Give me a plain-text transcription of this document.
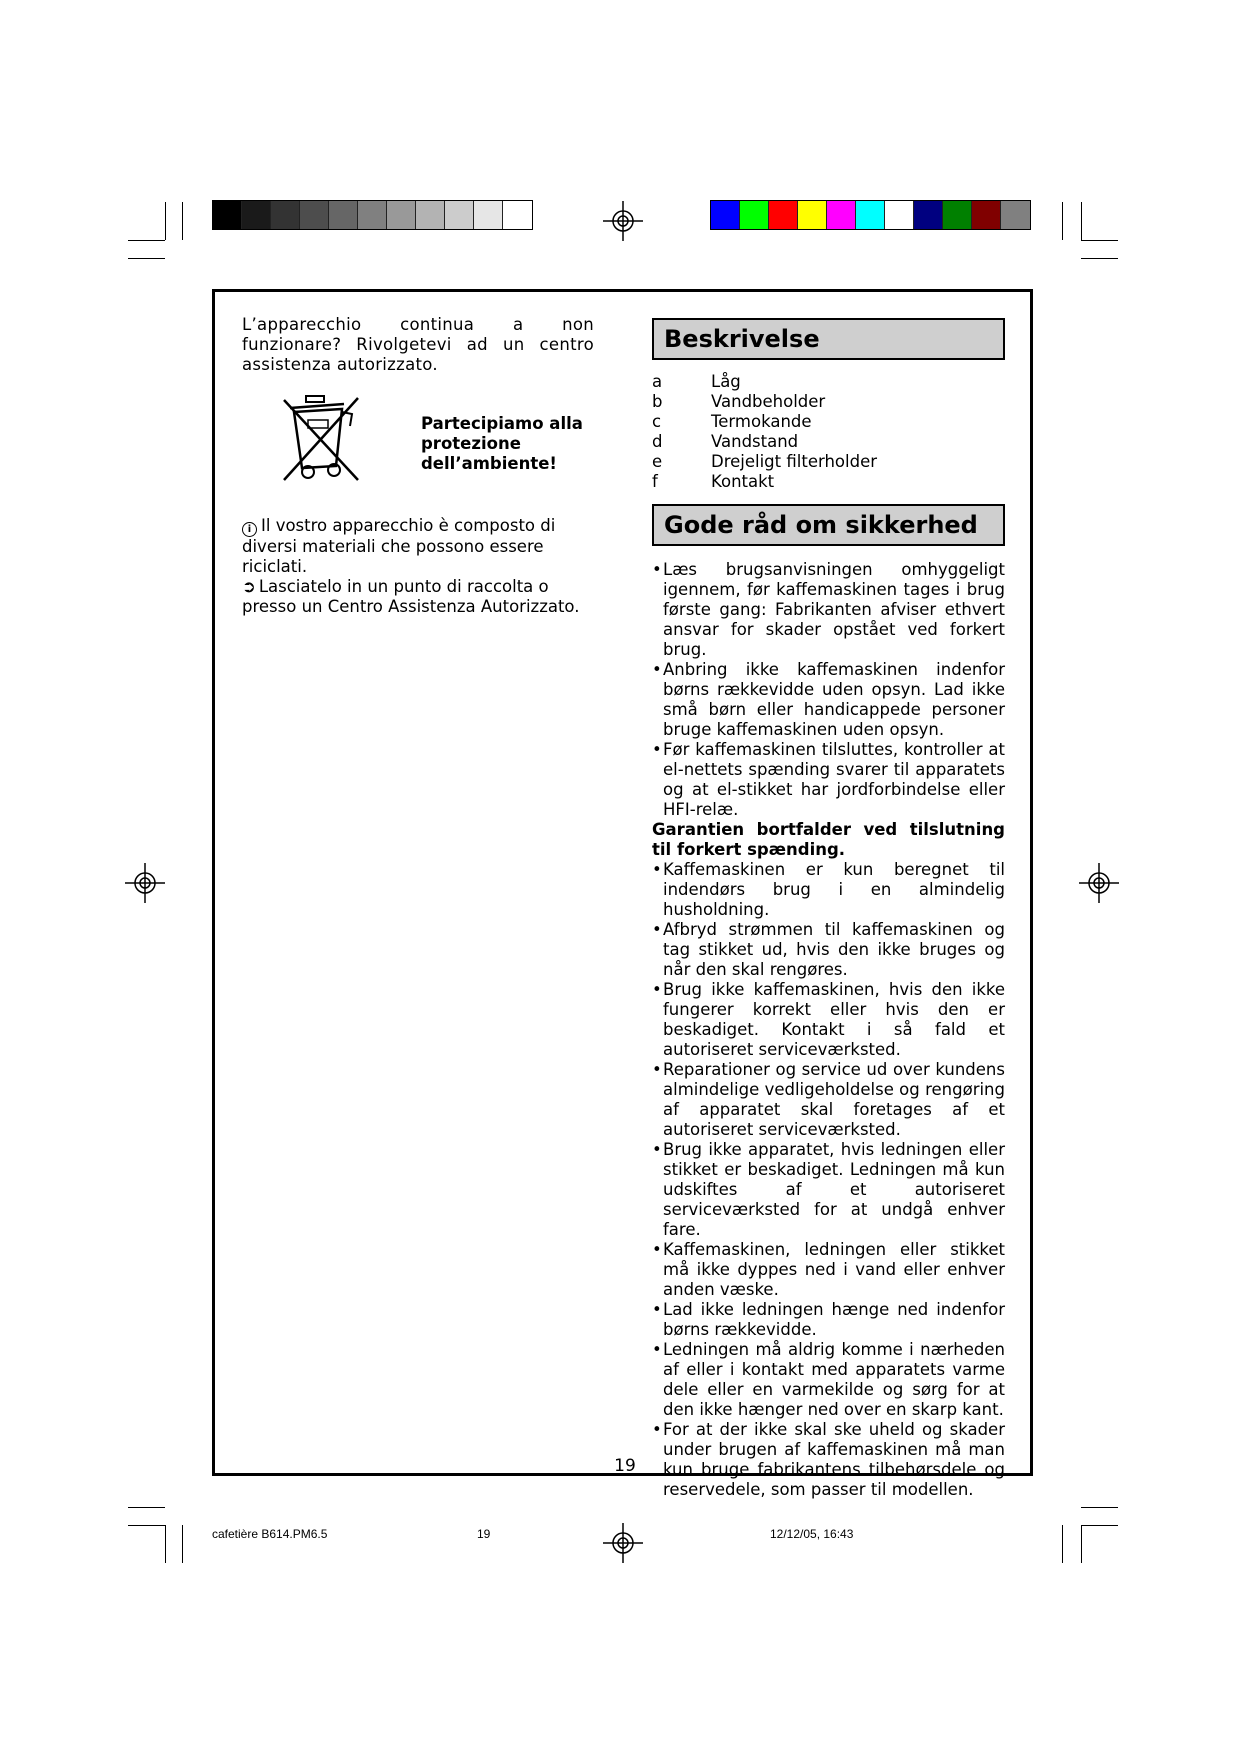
L’apparecchio continua a non funzionare? Rivolgetevi ad un centro assistenza autorizzato.
Partecipiamo alla protezione dell’ambiente!
i Il vostro apparecchio è composto di diversi materiali che possono essere riciclati.
➲ Lasciatelo in un punto di raccolta o presso un Centro Assistenza Autorizzato.
Beskrivelse
a	Låg
b	Vandbeholder
c	Termokande
d	Vandstand
e	Drejeligt filterholder
f	Kontakt
Gode råd om sikkerhed
• Læs brugsanvisningen omhyggeligt igennem, før kaffemaskinen tages i brug første gang: Fabrikanten afviser ethvert ansvar for skader opstået ved forkert brug.
• Anbring ikke kaffemaskinen indenfor børns rækkevidde uden opsyn. Lad ikke små børn eller handicappede personer bruge kaffemaskinen uden opsyn.
• Før kaffemaskinen tilsluttes, kontroller at el-nettets spænding svarer til apparatets og at el-stikket har jordforbindelse eller HFI-relæ.
Garantien bortfalder ved tilslutning til forkert spænding.
• Kaffemaskinen er kun beregnet til indendørs brug i en almindelig husholdning.
• Afbryd strømmen til kaffemaskinen og tag stikket ud, hvis den ikke bruges og når den skal rengøres.
• Brug ikke kaffemaskinen, hvis den ikke fungerer korrekt eller hvis den er beskadiget. Kontakt i så fald et autoriseret serviceværksted.
• Reparationer og service ud over kundens almindelige vedligeholdelse og rengøring af apparatet skal foretages af et autoriseret serviceværksted.
• Brug ikke apparatet, hvis ledningen eller stikket er beskadiget. Ledningen må kun udskiftes af et autoriseret serviceværksted for at undgå enhver fare.
• Kaffemaskinen, ledningen eller stikket må ikke dyppes ned i vand eller enhver anden væske.
• Lad ikke ledningen hænge ned indenfor børns rækkevidde.
• Ledningen må aldrig komme i nærheden af eller i kontakt med apparatets varme dele eller en varmekilde og sørg for at den ikke hænger ned over en skarp kant.
• For at der ikke skal ske uheld og skader under brugen af kaffemaskinen må man kun bruge fabrikantens tilbehørsdele og reservedele, som passer til modellen.
19
cafetière B614.PM6.5	19	12/12/05, 16:43
